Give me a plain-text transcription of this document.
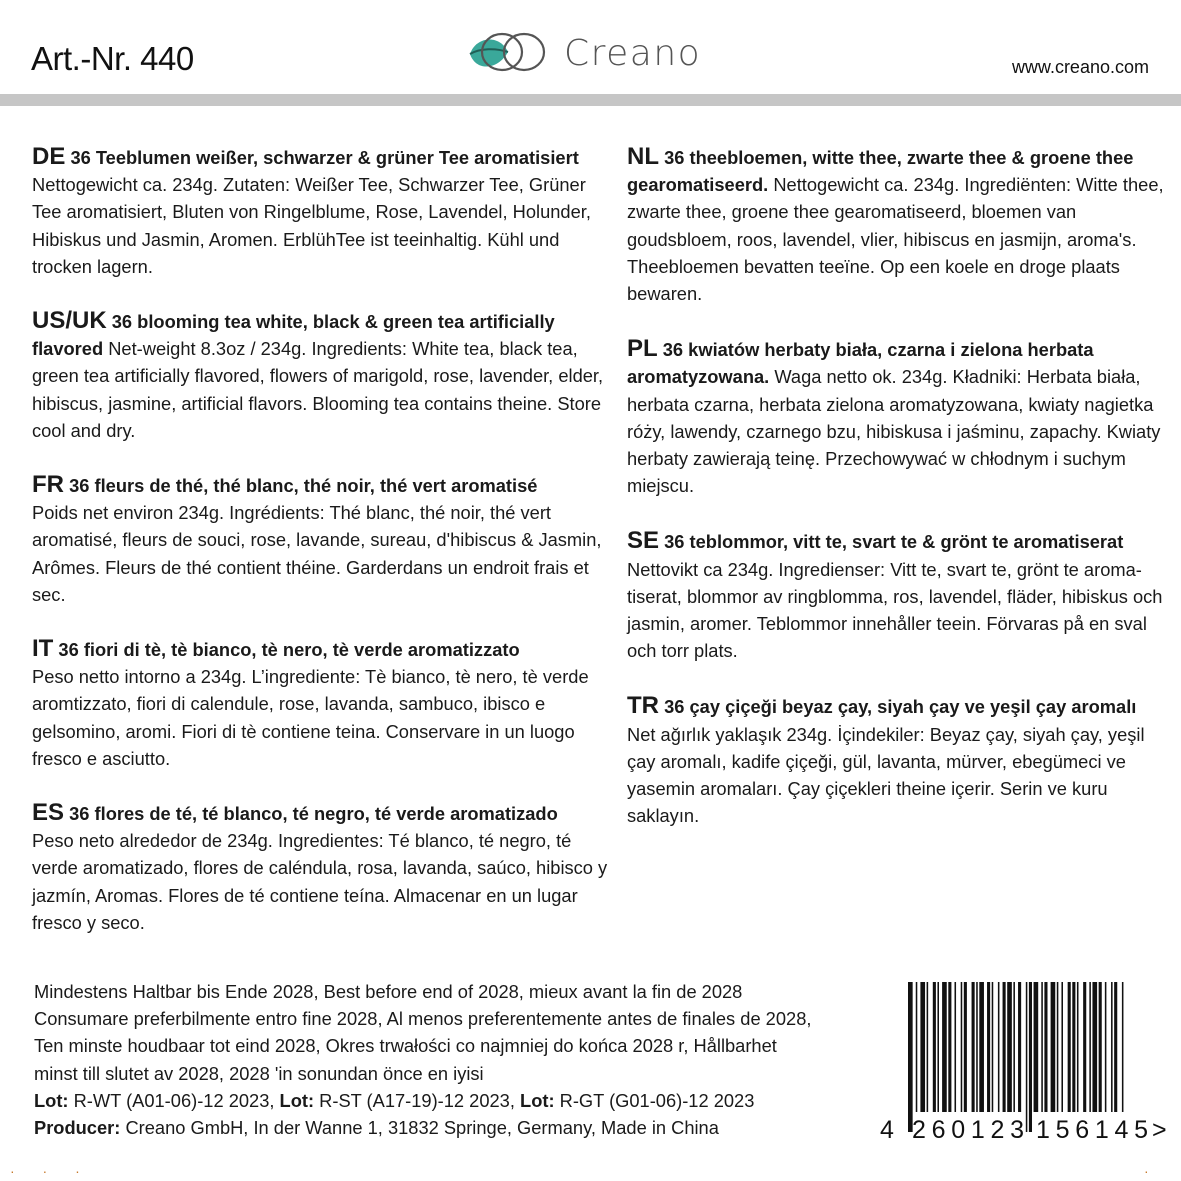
Art.-Nr. 440	Creano	www.creano.com
DE 36 Teeblumen weißer, schwarzer & grüner Tee aromatisiert
Nettogewicht ca. 234g. Zutaten: Weißer Tee, Schwarzer Tee, Grüner Tee aromatisiert, Bluten von Ringelblume, Rose, Lavendel, Holunder, Hibiskus und Jasmin, Aromen. ErblühTee ist teeinhaltig. Kühl und trocken lagern.
US/UK 36 blooming tea white, black & green tea artificially flavored Net-weight 8.3oz / 234g. Ingredients: White tea, black tea, green tea artificially flavored, flowers of marigold, rose, lavender, elder, hibiscus, jasmine, artificial flavors. Blooming tea contains theine. Store cool and dry.
FR 36 fleurs de thé, thé blanc, thé noir, thé vert aromatisé
Poids net environ 234g. Ingrédients: Thé blanc, thé noir, thé vert aromatisé, fleurs de souci, rose, lavande, sureau, d'hibiscus & Jasmin, Arômes. Fleurs de thé contient théine. Garderdans un endroit frais et sec.
IT 36 fiori di tè, tè bianco, tè nero, tè verde aromatizzato
Peso netto intorno a 234g. L’ingrediente: Tè bianco, tè nero, tè verde aromtizzato, fiori di calendule, rose, lavanda, sambuco, ibisco e gelsomino, aromi. Fiori di tè contiene teina. Conservare in un luogo fresco e asciutto.
ES 36 flores de té, té blanco, té negro, té verde aromatizado
Peso neto alrededor de 234g. Ingredientes: Té blanco, té negro, té verde aromatizado, flores de caléndula, rosa, lavanda, saúco, hibisco y jazmín, Aromas. Flores de té contiene teína. Almacenar en un lugar fresco y seco.
NL 36 theebloemen, witte thee, zwarte thee & groene thee gearomatiseerd. Nettogewicht ca. 234g. Ingrediënten: Witte thee, zwarte thee, groene thee gearomatiseerd, bloemen van goudsbloem, roos, lavendel, vlier, hibiscus en jasmijn, aroma's. Theebloemen bevatten teeïne. Op een koele en droge plaats bewaren.
PL 36 kwiatów herbaty biała, czarna i zielona herbata aromatyzowana. Waga netto ok. 234g. Kładniki: Herbata biała, herbata czarna, herbata zielona aromatyzowana, kwiaty nagietka róży, lawendy, czarnego bzu, hibiskusa i jaśminu, zapachy. Kwiaty herbaty zawierają teinę. Przechowywać w chłodnym i suchym miejscu.
SE 36 teblommor, vitt te, svart te & grönt te aromatiserat
Nettovikt ca 234g. Ingredienser: Vitt te, svart te, grönt te aroma-tiserat, blommor av ringblomma, ros, lavendel, fläder, hibiskus och jasmin, aromer. Teblommor innehåller teein. Förvaras på en sval och torr plats.
TR 36 çay çiçeği beyaz çay, siyah çay ve yeşil çay aromalı
Net ağırlık yaklaşık 234g. İçindekiler: Beyaz çay, siyah çay, yeşil çay aromalı, kadife çiçeği, gül, lavanta, mürver, ebegümeci ve yasemin aromaları. Çay çiçekleri theine içerir. Serin ve kuru saklayın.
Mindestens Haltbar bis Ende 2028, Best before end of 2028, mieux avant la fin de 2028 Consumare preferbilmente entro fine 2028, Al menos preferentemente antes de finales de 2028, Ten minste houdbaar tot eind 2028, Okres trwałości co najmniej do końca 2028 r, Hållbarhet minst till slutet av 2028, 2028 'in sonundan önce en iyisi
Lot: R-WT (A01-06)-12 2023, Lot: R-ST (A17-19)-12 2023, Lot: R-GT (G01-06)-12 2023
Producer: Creano GmbH, In der Wanne 1, 31832 Springe, Germany, Made in China	4 260123 156145 >
· · ·	·
